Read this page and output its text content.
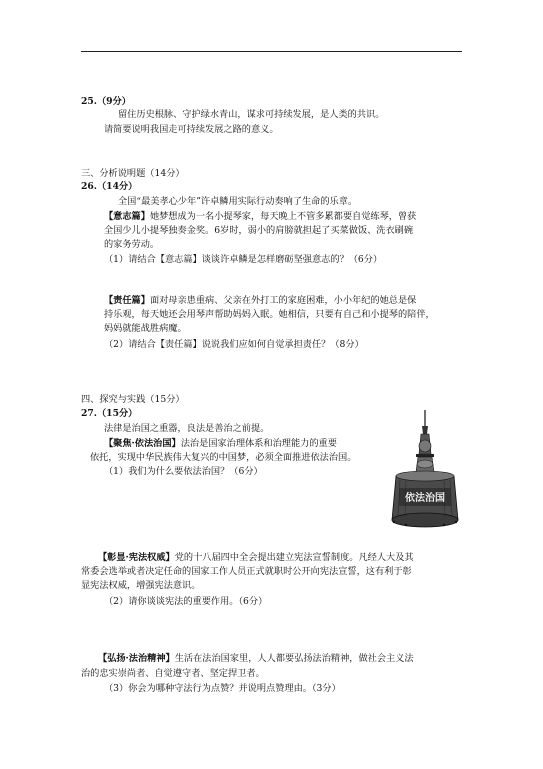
25.（9分）
留住历史根脉、守护绿水青山，谋求可持续发展，是人类的共识。
请简要说明我国走可持续发展之路的意义。
三、分析说明题（14分）
26.（14分）
全国“最美孝心少年”许卓鳞用实际行动奏响了生命的乐章。
【意志篇】她梦想成为一名小提琴家，每天晚上不管多累都要自觉练琴，曾获
全国少儿小提琴独奏金奖。6岁时，弱小的肩膀就担起了买菜做饭、洗衣刷碗
的家务劳动。
（1）请结合【意志篇】谈谈许卓鳞是怎样磨砺坚强意志的？（6分）
【责任篇】面对母亲患重病、父亲在外打工的家庭困难，小小年纪的她总是保
持乐观，每天她还会用琴声帮助妈妈入眠。她相信，只要有自己和小提琴的陪伴，
妈妈就能战胜病魔。
（2）请结合【责任篇】说说我们应如何自觉承担责任？（8分）
四、探究与实践（15分）
27.（15分）
法律是治国之重器，良法是善治之前提。
【聚焦·依法治国】法治是国家治理体系和治理能力的重要
依托，实现中华民族伟大复兴的中国梦，必须全面推进依法治国。
（1）我们为什么要依法治国？（6分）
依法治国
【彰显·宪法权威】党的十八届四中全会提出建立宪法宣誓制度。凡经人大及其
常委会选举或者决定任命的国家工作人员正式就职时公开向宪法宣誓，这有利于彰
显宪法权威，增强宪法意识。
（2）请你谈谈宪法的重要作用。（6分）
【弘扬·法治精神】生活在法治国家里，人人都要弘扬法治精神，做社会主义法
治的忠实崇尚者、自觉遵守者、坚定捍卫者。
（3）你会为哪种守法行为点赞？并说明点赞理由。（3分）
